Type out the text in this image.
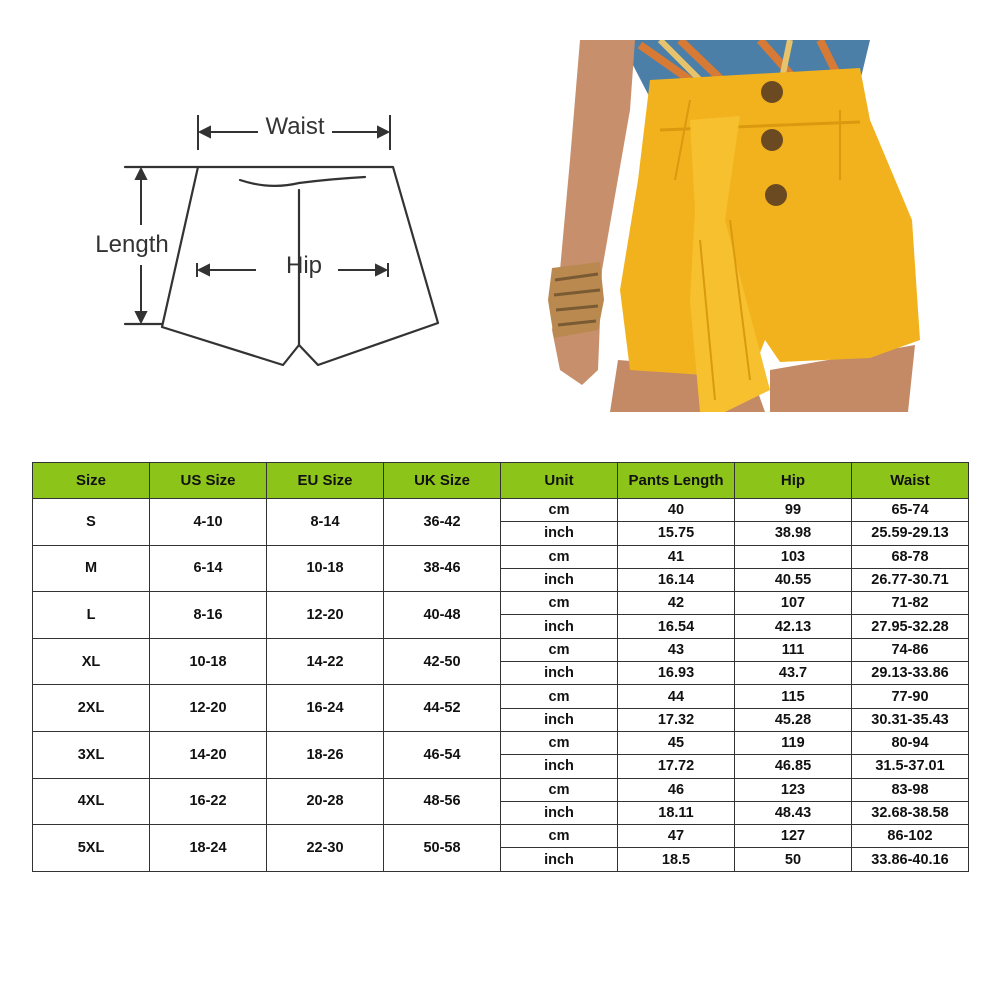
Waist
Length
Hip
Size	US Size	EU Size	UK Size	Unit	Pants Length	Hip	Waist
S	4-10	8-14	36-42	cm	40	99	65-74
				inch	15.75	38.98	25.59-29.13
M	6-14	10-18	38-46	cm	41	103	68-78
				inch	16.14	40.55	26.77-30.71
L	8-16	12-20	40-48	cm	42	107	71-82
				inch	16.54	42.13	27.95-32.28
XL	10-18	14-22	42-50	cm	43	111	74-86
				inch	16.93	43.7	29.13-33.86
2XL	12-20	16-24	44-52	cm	44	115	77-90
				inch	17.32	45.28	30.31-35.43
3XL	14-20	18-26	46-54	cm	45	119	80-94
				inch	17.72	46.85	31.5-37.01
4XL	16-22	20-28	48-56	cm	46	123	83-98
				inch	18.11	48.43	32.68-38.58
5XL	18-24	22-30	50-58	cm	47	127	86-102
				inch	18.5	50	33.86-40.16
